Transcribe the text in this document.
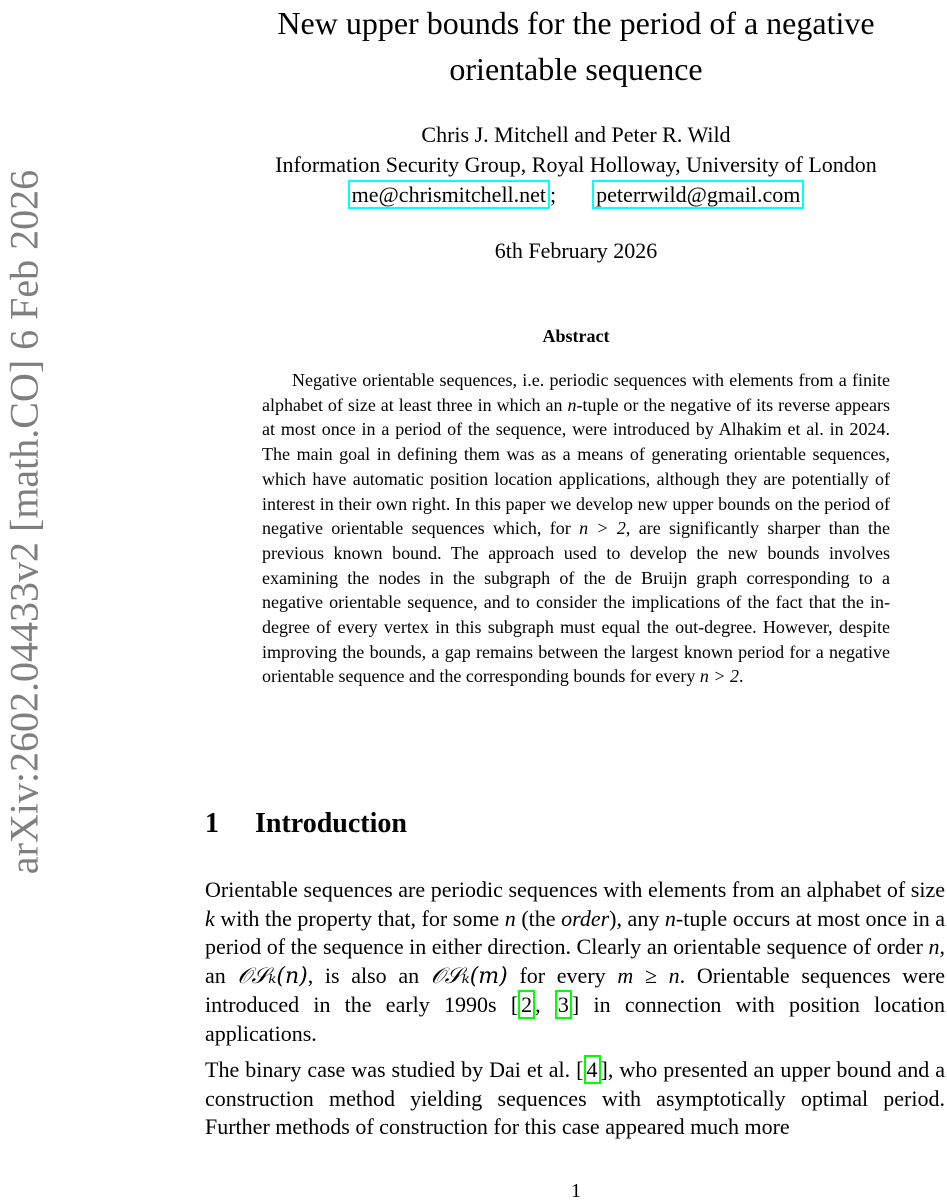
arXiv:2602.04433v2 [math.CO] 6 Feb 2026
New upper bounds for the period of a negative
orientable sequence
Chris J. Mitchell and Peter R. Wild
Information Security Group, Royal Holloway, University of London
me@chrismitchell.net ; peterrwild@gmail.com
6th February 2026
Abstract
Negative orientable sequences, i.e. periodic sequences with elements from a finite alphabet of size at least three in which an n-tuple or the negative of its reverse appears at most once in a period of the sequence, were introduced by Alhakim et al. in 2024. The main goal in defining them was as a means of generating orientable sequences, which have automatic position location applications, although they are potentially of interest in their own right. In this paper we develop new upper bounds on the period of negative orientable sequences which, for n > 2, are significantly sharper than the previous known bound. The approach used to develop the new bounds involves examining the nodes in the subgraph of the de Bruijn graph corresponding to a negative orientable sequence, and to consider the implications of the fact that the in-degree of every vertex in this subgraph must equal the out-degree. However, despite improving the bounds, a gap remains between the largest known period for a negative orientable sequence and the corresponding bounds for every n > 2.
1 Introduction

Orientable sequences are periodic sequences with elements from an alphabet of size k with the property that, for some n (the order), any n-tuple occurs at most once in a period of the sequence in either direction. Clearly an orientable sequence of order n, an 𝒪𝒮ₖ(n), is also an 𝒪𝒮ₖ(m) for every m ≥ n. Orientable sequences were introduced in the early 1990s [ 2 , 3 ] in connection with position location applications.

The binary case was studied by Dai et al. [ 4 ], who presented an upper bound and a construction method yielding sequences with asymptotically optimal period. Further methods of construction for this case appeared much more

1
